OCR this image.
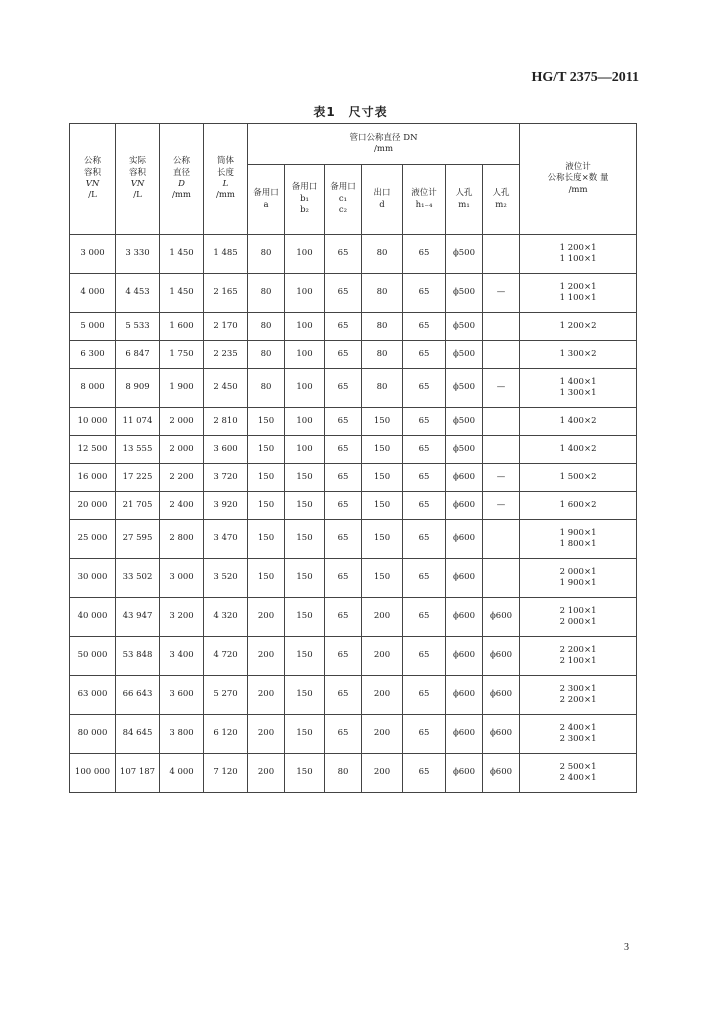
HG/T 2375—2011
表1　尺寸表
公称
容积
VN
/L	实际
容积
VN
/L	公称
直径
D
/mm	筒体
长度
L
/mm	管口公称直径 DN
/mm							液位计
公称长度×数 量
/mm

				备用口
a	备用口
b₁
b₂	备用口
c₁
c₂	出口
d	液位计
h₁₋₄	人孔
m₁	人孔
m₂	

3 000	3 330	1 450	1 485	80	100	65	80	65	ϕ500		1 200×1
1 100×1

4 000	4 453	1 450	2 165	80	100	65	80	65	ϕ500	—	1 200×1
1 100×1

5 000	5 533	1 600	2 170	80	100	65	80	65	ϕ500		1 200×2
6 300	6 847	1 750	2 235	80	100	65	80	65	ϕ500		1 300×2
8 000	8 909	1 900	2 450	80	100	65	80	65	ϕ500	—	1 400×1
1 300×1

10 000	11 074	2 000	2 810	150	100	65	150	65	ϕ500		1 400×2
12 500	13 555	2 000	3 600	150	100	65	150	65	ϕ500		1 400×2
16 000	17 225	2 200	3 720	150	150	65	150	65	ϕ600	—	1 500×2
20 000	21 705	2 400	3 920	150	150	65	150	65	ϕ600	—	1 600×2
25 000	27 595	2 800	3 470	150	150	65	150	65	ϕ600		1 900×1
1 800×1

30 000	33 502	3 000	3 520	150	150	65	150	65	ϕ600		2 000×1
1 900×1

40 000	43 947	3 200	4 320	200	150	65	200	65	ϕ600	ϕ600	2 100×1
2 000×1

50 000	53 848	3 400	4 720	200	150	65	200	65	ϕ600	ϕ600	2 200×1
2 100×1

63 000	66 643	3 600	5 270	200	150	65	200	65	ϕ600	ϕ600	2 300×1
2 200×1

80 000	84 645	3 800	6 120	200	150	65	200	65	ϕ600	ϕ600	2 400×1
2 300×1

100 000	107 187	4 000	7 120	200	150	80	200	65	ϕ600	ϕ600	2 500×1
2 400×1
3
